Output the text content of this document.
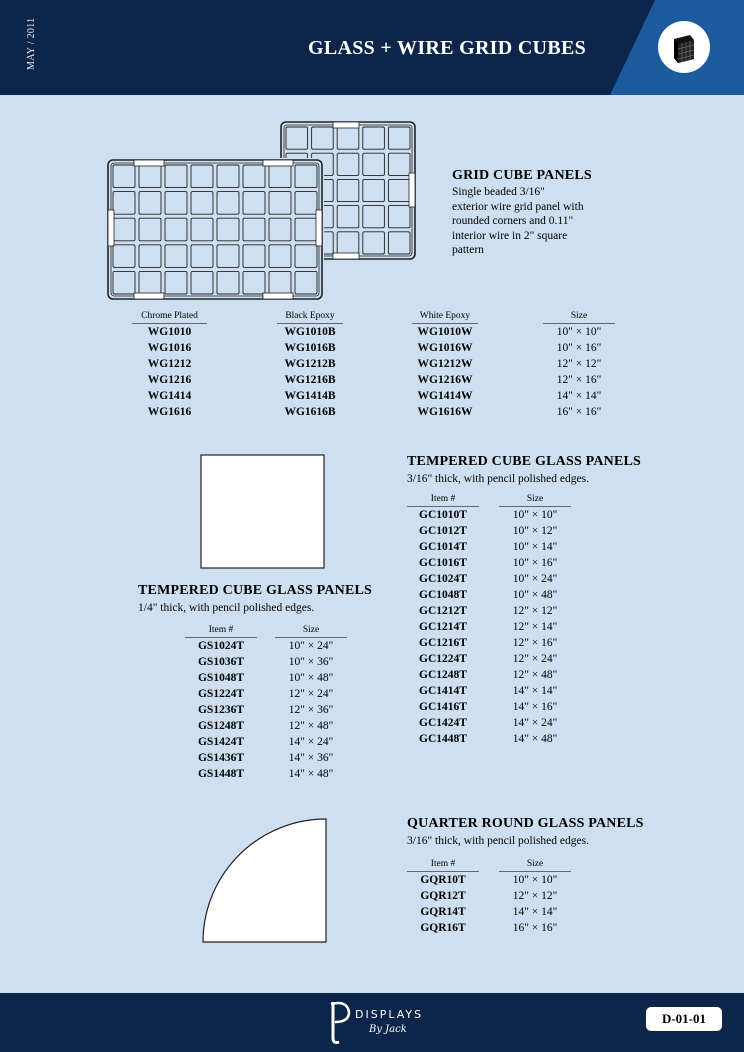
MAY / 2011	GLASS + WIRE GRID CUBES
GRID CUBE PANELS
Single beaded 3/16"
exterior wire grid panel with
rounded corners and 0.11"
interior wire in 2" square
pattern
Chrome Plated		Black Epoxy		White Epoxy		Size
WG1010		WG1010B		WG1010W		10" × 10"
WG1016		WG1016B		WG1016W		10" × 16"
WG1212		WG1212B		WG1212W		12" × 12"
WG1216		WG1216B		WG1216W		12" × 16"
WG1414		WG1414B		WG1414W		14" × 14"
WG1616		WG1616B		WG1616W		16" × 16"
TEMPERED CUBE GLASS PANELS
3/16" thick, with pencil polished edges.
Item #		Size
GC1010T		10" × 10"
GC1012T		10" × 12"
GC1014T		10" × 14"
GC1016T		10" × 16"
GC1024T		10" × 24"
GC1048T		10" × 48"
GC1212T		12" × 12"
GC1214T		12" × 14"
GC1216T		12" × 16"
GC1224T		12" × 24"
GC1248T		12" × 48"
GC1414T		14" × 14"
GC1416T		14" × 16"
GC1424T		14" × 24"
GC1448T		14" × 48"
TEMPERED CUBE GLASS PANELS
1/4" thick, with pencil polished edges.
Item #		Size
GS1024T		10" × 24"
GS1036T		10" × 36"
GS1048T		10" × 48"
GS1224T		12" × 24"
GS1236T		12" × 36"
GS1248T		12" × 48"
GS1424T		14" × 24"
GS1436T		14" × 36"
GS1448T		14" × 48"
QUARTER ROUND GLASS PANELS
3/16" thick, with pencil polished edges.
Item #		Size
GQR10T		10" × 10"
GQR12T		12" × 12"
GQR14T		14" × 14"
GQR16T		16" × 16"
DISPLAYS
By Jack
D-01-01
